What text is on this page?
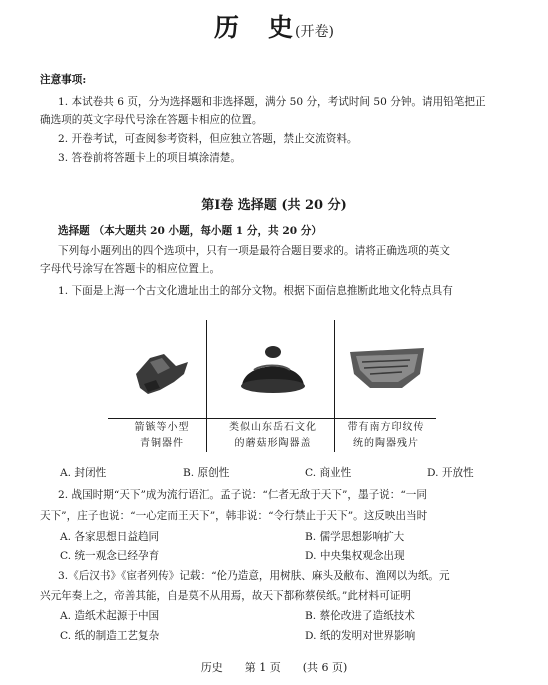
历　史(开卷)
注意事项:
1. 本试卷共 6 页，分为选择题和非选择题，满分 50 分，考试时间 50 分钟。请用铅笔把正
确选项的英文字母代号涂在答题卡相应的位置。
2. 开卷考试，可查阅参考资料，但应独立答题，禁止交流资料。
3. 答卷前将答题卡上的项目填涂清楚。
第Ⅰ卷 选择题 (共 20 分)
选择题 （本大题共 20 小题，每小题 1 分，共 20 分）
下列每小题列出的四个选项中，只有一项是最符合题目要求的。请将正确选项的英文
字母代号涂写在答题卡的相应位置上。
1. 下面是上海一个古文化遗址出土的部分文物。根据下面信息推断此地文化特点具有
箭镞等小型
青铜器件
类似山东岳石文化
的蘑菇形陶器盖
带有南方印纹传
统的陶器残片
A. 封闭性	B. 原创性	C. 商业性	D. 开放性
2. 战国时期“天下”成为流行语汇。孟子说：“仁者无敌于天下”，墨子说：“一同
天下”，庄子也说：“一心定而王天下”，韩非说：“令行禁止于天下”。这反映出当时
A. 各家思想日益趋同	B. 儒学思想影响扩大
C. 统一观念已经孕育	D. 中央集权观念出现
3.《后汉书》《宦者列传》记载：“伦乃造意，用树肤、麻头及敝布、渔网以为纸。元
兴元年奏上之，帝善其能，自是莫不从用焉，故天下都称蔡侯纸。”此材料可证明
A. 造纸术起源于中国	B. 蔡伦改进了造纸技术
C. 纸的制造工艺复杂	D. 纸的发明对世界影响
历史　　第 1 页　　(共 6 页)
